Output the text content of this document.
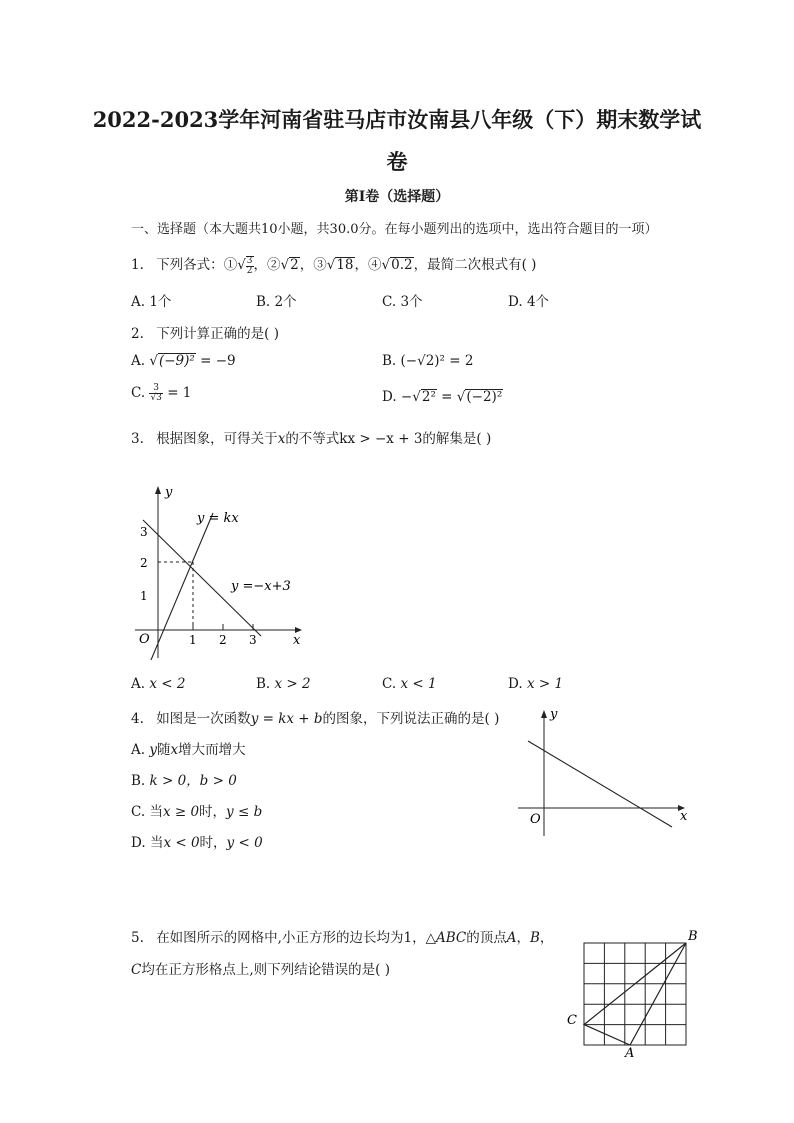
2022-2023学年河南省驻马店市汝南县八年级（下）期末数学试
卷
第I卷（选择题）
一、选择题（本大题共10小题，共30.0分。在每小题列出的选项中，选出符合题目的一项）
1. 下列各式：①√ $\frac{3}{2}$ ，②√2，③√18，④√0.2，最简二次根式有( )
A. 1个	B. 2个	C. 3个	D. 4个
2. 下列计算正确的是( )
A. √(−9)² = −9	B. (−√2)² = 2
C. $\frac{3}{√3} = 1$	D. −√2² = √(−2)²
3. 根据图象，可得关于x的不等式kx > −x + 3的解集是( )
y
x
O	1 2 3
1
2
3
y = kx
y =−x+3
A. x < 2	B. x > 2	C. x < 1	D. x > 1
4. 如图是一次函数y = kx + b的图象，下列说法正确的是( )
A. y随x增大而增大
B. k > 0，b > 0
C. 当x ≥ 0时，y ≤ b
D. 当x < 0时，y < 0
y
x
O
5. 在如图所示的网格中,小正方形的边长均为1，△ABC的顶点A，B，
C均在正方形格点上,则下列结论错误的是( )
B
C
A
